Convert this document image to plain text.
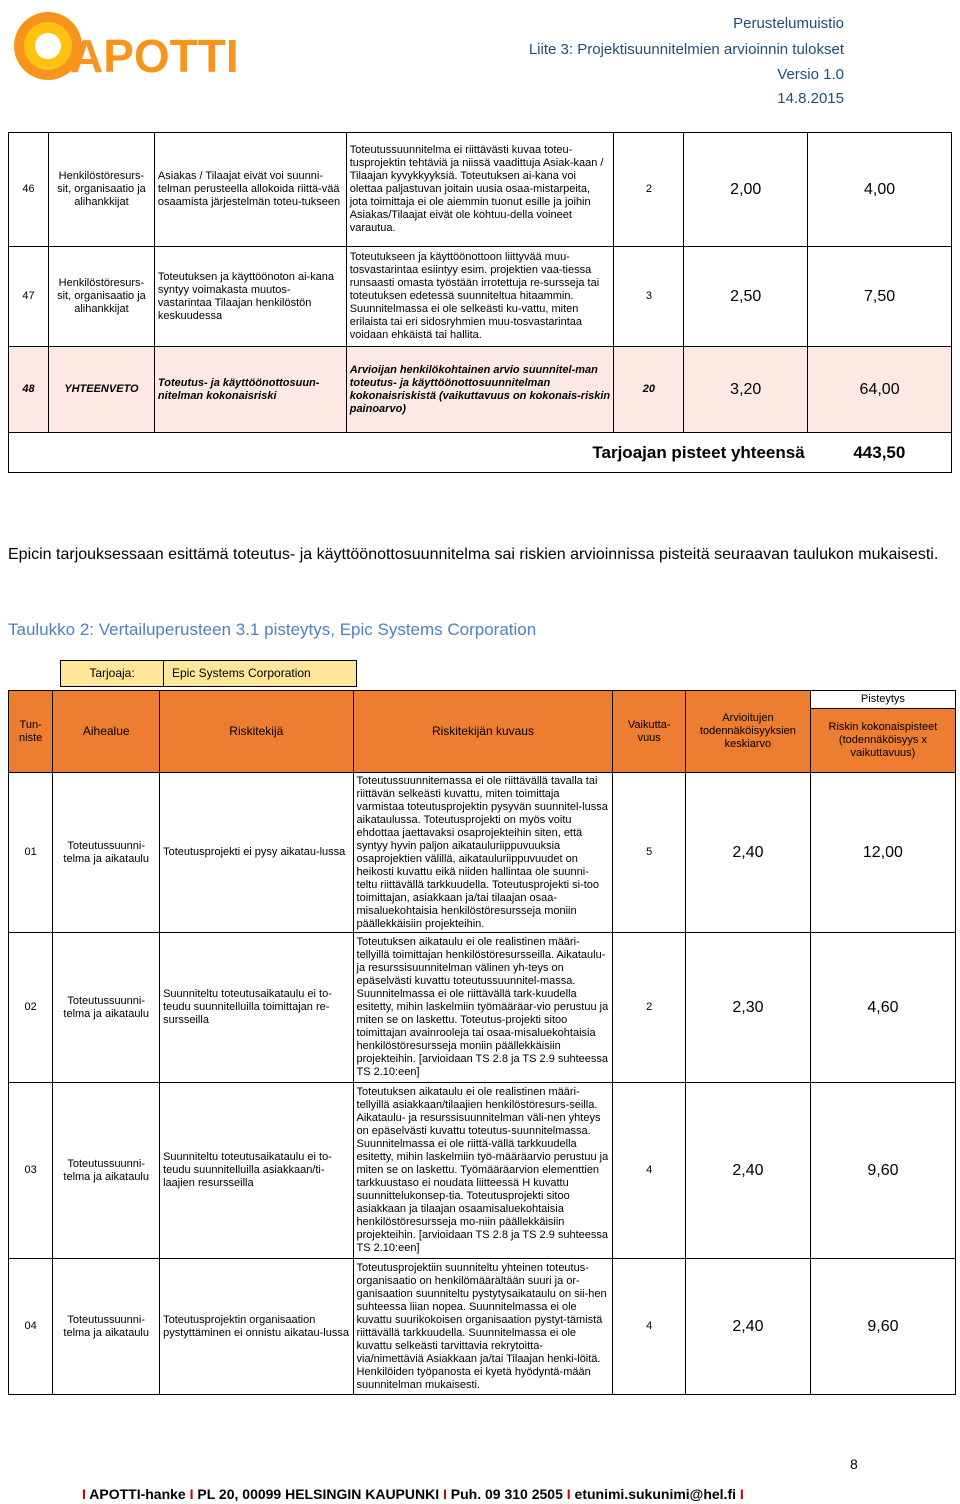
APOTTI
Perustelumuistio
Liite 3: Projektisuunnitelmien arvioinnin tulokset
Versio 1.0
14.8.2015
46	Henkilöstöresurs-sit, organisaatio ja alihankkijat	Asiakas / Tilaajat eivät voi suunni-telman perusteella allokoida riittä-vää osaamista järjestelmän toteu-tukseen	Toteutussuunnitelma ei riittävästi kuvaa toteu-tusprojektin tehtäviä ja niissä vaadittuja Asiak-kaan / Tilaajan kyvykkyyksiä. Toteutuksen ai-kana voi olettaa paljastuvan joitain uusia osaa-mistarpeita, jota toimittaja ei ole aiemmin tuonut esille ja joihin Asiakas/Tilaajat eivät ole kohtuu-della voineet varautua.	2	2,00	4,00
47	Henkilöstöresurs-sit, organisaatio ja alihankkijat	Toteutuksen ja käyttöönoton ai-kana syntyy voimakasta muutos-vastarintaa Tilaajan henkilöstön keskuudessa	Toteutukseen ja käyttöönottoon liittyvää muu-tosvastarintaa esiintyy esim. projektien vaa-tiessa runsaasti omasta työstään irrotettuja re-sursseja tai toteutuksen edetessä suunniteltua hitaammin. Suunnitelmassa ei ole selkeästi ku-vattu, miten erilaista tai eri sidosryhmien muu-tosvastarintaa voidaan ehkäistä tai hallita.	3	2,50	7,50
48	YHTEENVETO	Toteutus- ja käyttöönottosuun-nitelman kokonaisriski	Arvioijan henkilökohtainen arvio suunnitel-man toteutus- ja käyttöönottosuunnitelman kokonaisriskistä (vaikuttavuus on kokonais-riskin painoarvo)	20	3,20	64,00
Tarjoajan pisteet yhteensä						443,50
Epicin tarjouksessaan esittämä toteutus- ja käyttöönottosuunnitelma sai riskien arvioinnissa pisteitä seuraavan taulukon mukaisesti.
Taulukko 2: Vertailuperusteen 3.1 pisteytys, Epic Systems Corporation
Tarjoaja:	Epic Systems Corporation
Tun-niste	Aihealue	Riskitekijä	Riskitekijän kuvaus	Vaikutta-vuus	Arvioitujen todennäköisyyksien keskiarvo	Pisteytys
						Riskin kokonaispisteet (todennäköisyys x vaikuttavuus)
01	Toteutussuunni-telma ja aikataulu	Toteutusprojekti ei pysy aikatau-lussa	Toteutussuunnitemassa ei ole riittävällä tavalla tai riittävän selkeästi kuvattu, miten toimittaja varmistaa toteutusprojektin pysyvän suunnitel-lussa aikataulussa. Toteutusprojekti on myös voitu ehdottaa jaettavaksi osaprojekteihin siten, että syntyy hyvin paljon aikatauluriippuvuuksia osaprojektien välillä, aikatauluriippuvuudet on heikosti kuvattu eikä niiden hallintaa ole suunni-teltu riittävällä tarkkuudella. Toteutusprojekti si-too toimittajan, asiakkaan ja/tai tilaajan osaa-misaluekohtaisia henkilöstöresursseja moniin päällekkäisiin projekteihin.	5	2,40	12,00
02	Toteutussuunni-telma ja aikataulu	Suunniteltu toteutusaikataulu ei to-teudu suunnitelluilla toimittajan re-sursseilla	Toteutuksen aikataulu ei ole realistinen määri-tellyillä toimittajan henkilöstöresursseilla. Aikataulu- ja resurssisuunnitelman välinen yh-teys on epäselvästi kuvattu toteutussuunnitel-massa. Suunnitelmassa ei ole riittävällä tark-kuudella esitetty, mihin laskelmiin työmääräar-vio perustuu ja miten se on laskettu. Toteutus-projekti sitoo toimittajan avainrooleja tai osaa-misaluekohtaisia henkilöstöresursseja moniin päällekkäisiin projekteihin. [arvioidaan TS 2.8 ja TS 2.9 suhteessa TS 2.10:een]	2	2,30	4,60
03	Toteutussuunni-telma ja aikataulu	Suunniteltu toteutusaikataulu ei to-teudu suunnitelluilla asiakkaan/ti-laajien resursseilla	Toteutuksen aikataulu ei ole realistinen määri-tellyillä asiakkaan/tilaajien henkilöstöresurs-seilla. Aikataulu- ja resurssisuunnitelman väli-nen yhteys on epäselvästi kuvattu toteutus-suunnitelmassa. Suunnitelmassa ei ole riittä-vällä tarkkuudella esitetty, mihin laskelmiin työ-määräarvio perustuu ja miten se on laskettu. Työmääräarvion elementtien tarkkuustaso ei noudata liitteessä H kuvattu suunnittelukonsep-tia. Toteutusprojekti sitoo asiakkaan ja tilaajan osaamisaluekohtaisia henkilöstöresursseja mo-niin päällekkäisiin projekteihin. [arvioidaan TS 2.8 ja TS 2.9 suhteessa TS 2.10:een]	4	2,40	9,60
04	Toteutussuunni-telma ja aikataulu	Toteutusprojektin organisaation pystyttäminen ei onnistu aikatau-lussa	Toteutusprojektiin suunniteltu yhteinen toteutus-organisaatio on henkilömäärältään suuri ja or-ganisaation suunniteltu pystytysaikataulu on sii-hen suhteessa liian nopea. Suunnitelmassa ei ole kuvattu suurikokoisen organisaation pystyt-tämistä riittävällä tarkkuudella. Suunnitelmassa ei ole kuvattu selkeästi tarvittavia rekrytoitta-via/nimettäviä Asiakkaan ja/tai Tilaajan henki-löitä. Henkilöiden työpanosta ei kyetä hyödyntä-mään suunnitelman mukaisesti.	4	2,40	9,60
8
I APOTTI-hanke I PL 20, 00099 HELSINGIN KAUPUNKI I Puh. 09 310 2505 I etunimi.sukunimi@hel.fi I
